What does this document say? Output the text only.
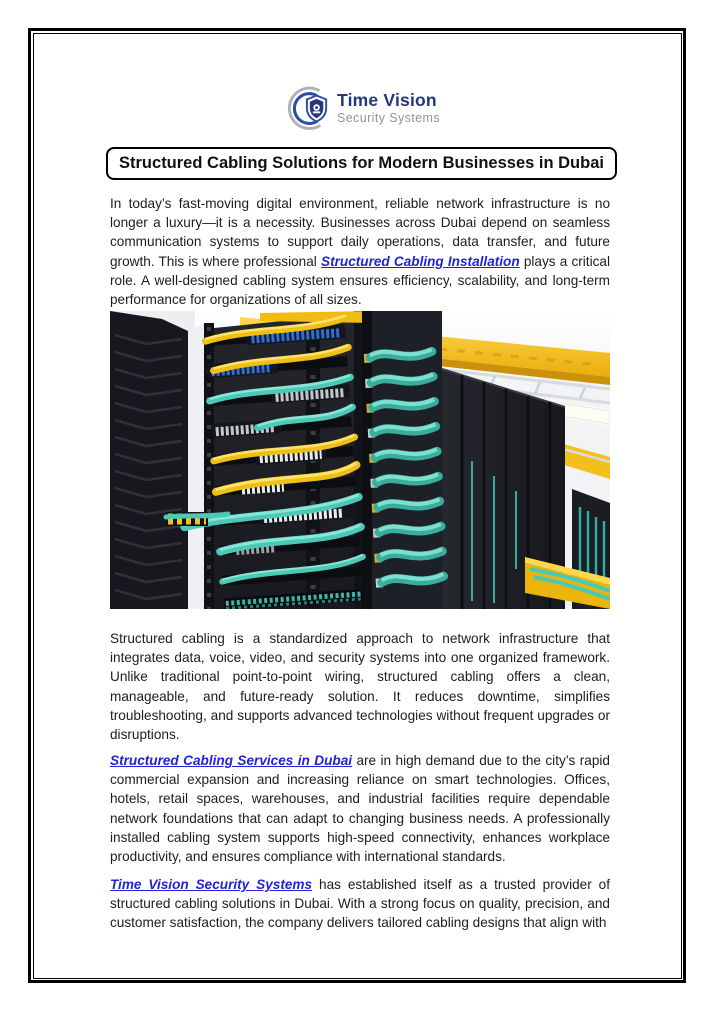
Time Vision
Security Systems
Structured Cabling Solutions for Modern Businesses in Dubai

In today’s fast-moving digital environment, reliable network infrastructure is no longer a luxury—it is a necessity. Businesses across Dubai depend on seamless communication systems to support daily operations, data transfer, and future growth. This is where professional Structured Cabling Installation plays a critical role. A well-designed cabling system ensures efficiency, scalability, and long-term performance for organizations of all sizes.

Structured cabling is a standardized approach to network infrastructure that integrates data, voice, video, and security systems into one organized framework. Unlike traditional point-to-point wiring, structured cabling offers a clean, manageable, and future-ready solution. It reduces downtime, simplifies troubleshooting, and supports advanced technologies without frequent upgrades or disruptions.

Structured Cabling Services in Dubai are in high demand due to the city’s rapid commercial expansion and increasing reliance on smart technologies. Offices, hotels, retail spaces, warehouses, and industrial facilities require dependable network foundations that can adapt to changing business needs. A professionally installed cabling system supports high-speed connectivity, enhances workplace productivity, and ensures compliance with international standards.

Time Vision Security Systems has established itself as a trusted provider of structured cabling solutions in Dubai. With a strong focus on quality, precision, and customer satisfaction, the company delivers tailored cabling designs that align with
